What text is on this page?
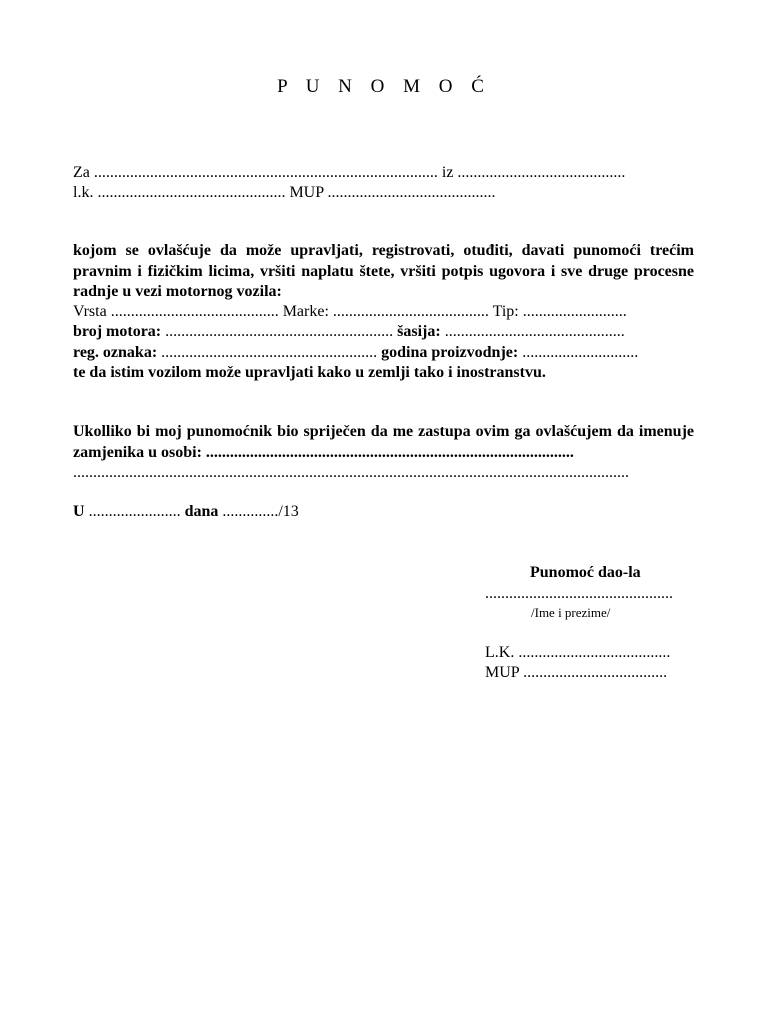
P U N O M O Ć
Za ...................................................................................... iz ..........................................
l.k. ............................................... MUP ..........................................
kojom se ovlašćuje da može upravljati, registrovati, otuđiti, davati punomoći trećim pravnim i fizičkim licima, vršiti naplatu štete, vršiti potpis ugovora i sve druge procesne radnje u vezi motornog vozila:
Vrsta .......................................... Marke: ....................................... Tip: ..........................
broj motora: ......................................................... šasija: .............................................
reg. oznaka: ...................................................... godina proizvodnje: .............................
te da istim vozilom može upravljati kako u zemlji tako i inostranstvu.
Ukolliko bi moj punomoćnik bio spriječen da me zastupa ovim ga ovlašćujem da imenuje zamjenika u osobi: ............................................................................................
...........................................................................................................................................
U ....................... dana ............../13
Punomoć dao-la
...............................................
/Ime i prezime/
L.K. ......................................
MUP ....................................
